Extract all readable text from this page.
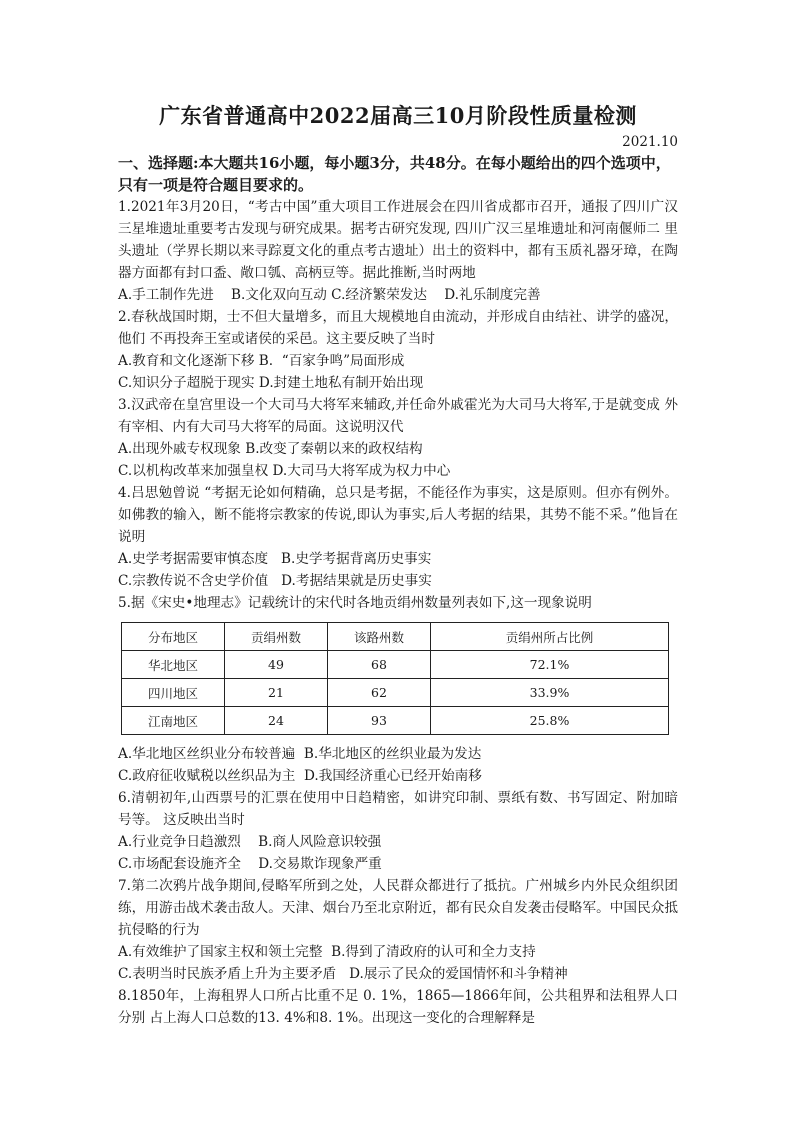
广东省普通高中2022届高三10月阶段性质量检测
2021.10
一、选择题:本大题共16小题，每小题3分，共48分。在每小题给出的四个选项中，只有一项是符合题目要求的。
1.2021年3月20日，“考古中国”重大项目工作进展会在四川省成都市召开，通报了四川广汉 三星堆遗址重要考古发现与研究成果。据考古研究发现, 四川广汉三星堆遗址和河南偃师二 里头遗址（学界长期以来寻踪夏文化的重点考古遗址）出土的资料中，都有玉质礼器牙璋，在陶器方面都有封口盉、敞口瓠、高柄豆等。据此推断,当时两地
A.手工制作先进    B.文化双向互动 C.经济繁荣发达    D.礼乐制度完善
2.春秋战国时期，士不但大量增多，而且大规模地自由流动，并形成自由结社、讲学的盛况，他们 不再投奔王室或诸侯的采邑。这主要反映了当时
A.教育和文化逐渐下移 B.  “百家争鸣”局面形成
C.知识分子超脱于现实 D.封建土地私有制开始出现
3.汉武帝在皇宫里设一个大司马大将军来辅政,并任命外戚霍光为大司马大将军,于是就变成 外有宰相、内有大司马大将军的局面。这说明汉代
A.出现外戚专权现象 B.改变了秦朝以来的政权结构
C.以机构改革来加强皇权 D.大司马大将军成为权力中心
4.吕思勉曾说 “考据无论如何精确，总只是考据，不能径作为事实，这是原则。但亦有例外。如佛教的输入，断不能将宗教家的传说,即认为事实,后人考据的结果，其势不能不采。”他旨在 说明
A.史学考据需要审慎态度   B.史学考据背离历史事实
C.宗教传说不含史学价值   D.考据结果就是历史事实
5.据《宋史•地理志》记载统计的宋代时各地贡绢州数量列表如下,这一现象说明
分布地区	贡绢州数	该路州数	贡绢州所占比例
华北地区	49	68	72.1%
四川地区	21	62	33.9%
江南地区	24	93	25.8%
A.华北地区丝织业分布较普遍  B.华北地区的丝织业最为发达
C.政府征收赋税以丝织品为主  D.我国经济重心已经开始南移
6.清朝初年,山西票号的汇票在使用中日趋精密，如讲究印制、票纸有数、书写固定、附加暗号等。 这反映出当时
A.行业竞争日趋激烈    B.商人风险意识较强
C.市场配套设施齐全    D.交易欺诈现象严重
7.第二次鸦片战争期间,侵略军所到之处，人民群众都进行了抵抗。广州城乡内外民众组织团 练，用游击战术袭击敌人。天津、烟台乃至北京附近，都有民众自发袭击侵略军。中国民众抵 抗侵略的行为
A.有效维护了国家主权和领土完整  B.得到了清政府的认可和全力支持
C.表明当时民族矛盾上升为主要矛盾   D.展示了民众的爱国情怀和斗争精神
8.1850年，上海租界人口所占比重不足 0. 1%，1865—1866年间，公共租界和法租界人口分别 占上海人口总数的13. 4%和8. 1%。出现这一变化的合理解释是
